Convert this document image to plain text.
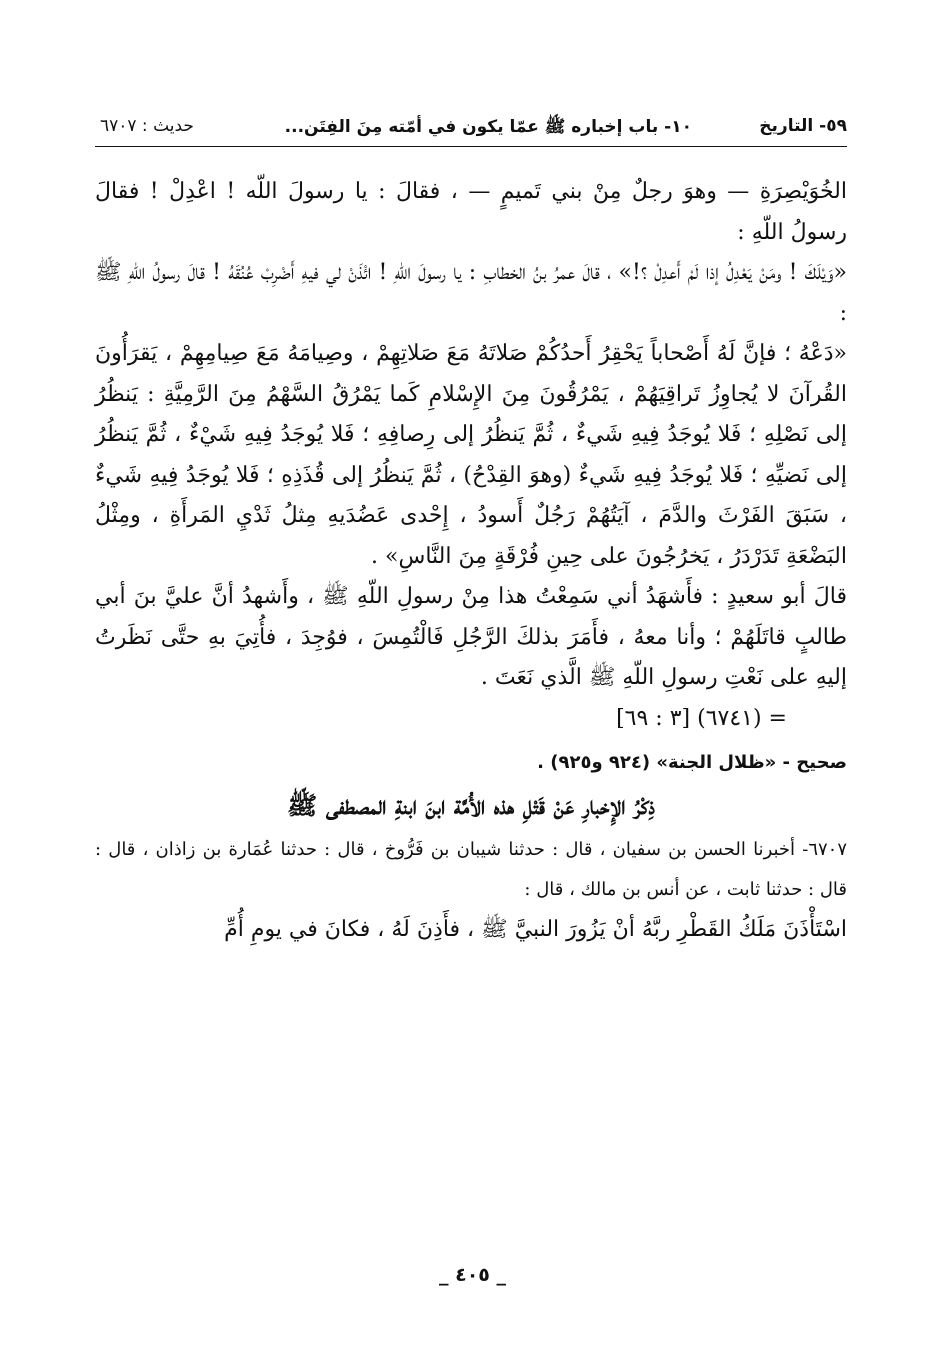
٥٩- التاريخ
١٠- باب إخباره ﷺ عمّا يكون في أمّته مِنَ الفِتَن...
حديث : ٦٧٠٧

الخُوَيْصِرَةِ — وهوَ رجلٌ مِنْ بني تَميمٍ — ، فقالَ : يا رسولَ اللّه ! اعْدِلْ ! فقالَ رسولُ اللّهِ :

«وَيْلَكَ ! ومَنْ يَعْدِلُ إذا لَمْ أَعدِلْ ؟!» ، قالَ عمرُ بنُ الخطابِ : يا رسولَ اللّهِ ! ائْذَنْ لي فيهِ أَضْرِبْ عُنُقَهُ ! قالَ رسولُ اللّهِ ﷺ :

«دَعْهُ ؛ فإنَّ لَهُ أَصْحاباً يَحْقِرُ أَحدُكُمْ صَلاتَهُ مَعَ صَلاتِهِمْ ، وصِيامَهُ مَعَ صِيامِهِمْ ، يَقرَأُونَ القُرآنَ لا يُجاوِزُ تَراقِيَهُمْ ، يَمْرُقُونَ مِنَ الإِسْلامِ كَما يَمْرُقُ السَّهْمُ مِنَ الرَّمِيَّةِ : يَنظُرُ إلى نَصْلِهِ ؛ فَلا يُوجَدُ فِيهِ شَيءٌ ، ثُمَّ يَنظُرُ إلى رِصافِهِ ؛ فَلا يُوجَدُ فِيهِ شَيْءٌ ، ثُمَّ يَنظُرُ إلى نَضيِّهِ ؛ فَلا يُوجَدُ فِيهِ شَيءٌ (وهوَ القِدْحُ) ، ثُمَّ يَنظُرُ إلى قُذَذِهِ ؛ فَلا يُوجَدُ فِيهِ شَيءٌ ، سَبَقَ الفَرْثَ والدَّمَ ، آيَتُهُمْ رَجُلٌ أَسودُ ، إِحْدى عَضُدَيهِ مِثلُ ثَدْيِ المَرأَةِ ، ومِثْلُ البَضْعَةِ تَدَرْدَرُ ، يَخرُجُونَ على حِينِ فُرْقَةٍ مِنَ النَّاسِ» .

قالَ أبو سعيدٍ : فأَشهَدُ أني سَمِعْتُ هذا مِنْ رسولِ اللّهِ ﷺ ، وأَشهدُ أنَّ عليَّ بنَ أبي طالبٍ قاتَلَهُمْ ؛ وأنا معهُ ، فأَمَرَ بذلكَ الرَّجُلِ فَالْتُمِسَ ، فوُجِدَ ، فأُتِيَ بهِ حتَّى نَظَرتُ إليهِ على نَعْتِ رسولِ اللّهِ ﷺ الَّذي نَعَتَ .

= (٦٧٤١) [٣ : ٦٩]

صحيح - «ظلال الجنة» (٩٢٤ و٩٢٥) .

ذِكْرُ الإِخبارِ عَنْ قَتْلِ هذه الأُمَّة ابنَ ابنةِ المصطفى ﷺ

٦٧٠٧- أخبرنا الحسن بن سفيان ، قال : حدثنا شيبان بن فَرُّوخ ، قال : حدثنا عُمَارة بن زاذان ، قال : قال : حدثنا ثابت ، عن أنس بن مالك ، قال :

اسْتَأْذَنَ مَلَكُ القَطْرِ ربَّهُ أنْ يَزُورَ النبيَّ ﷺ ، فأَذِنَ لَهُ ، فكانَ في يومِ أُمِّ

_ ٤٠٥ _
